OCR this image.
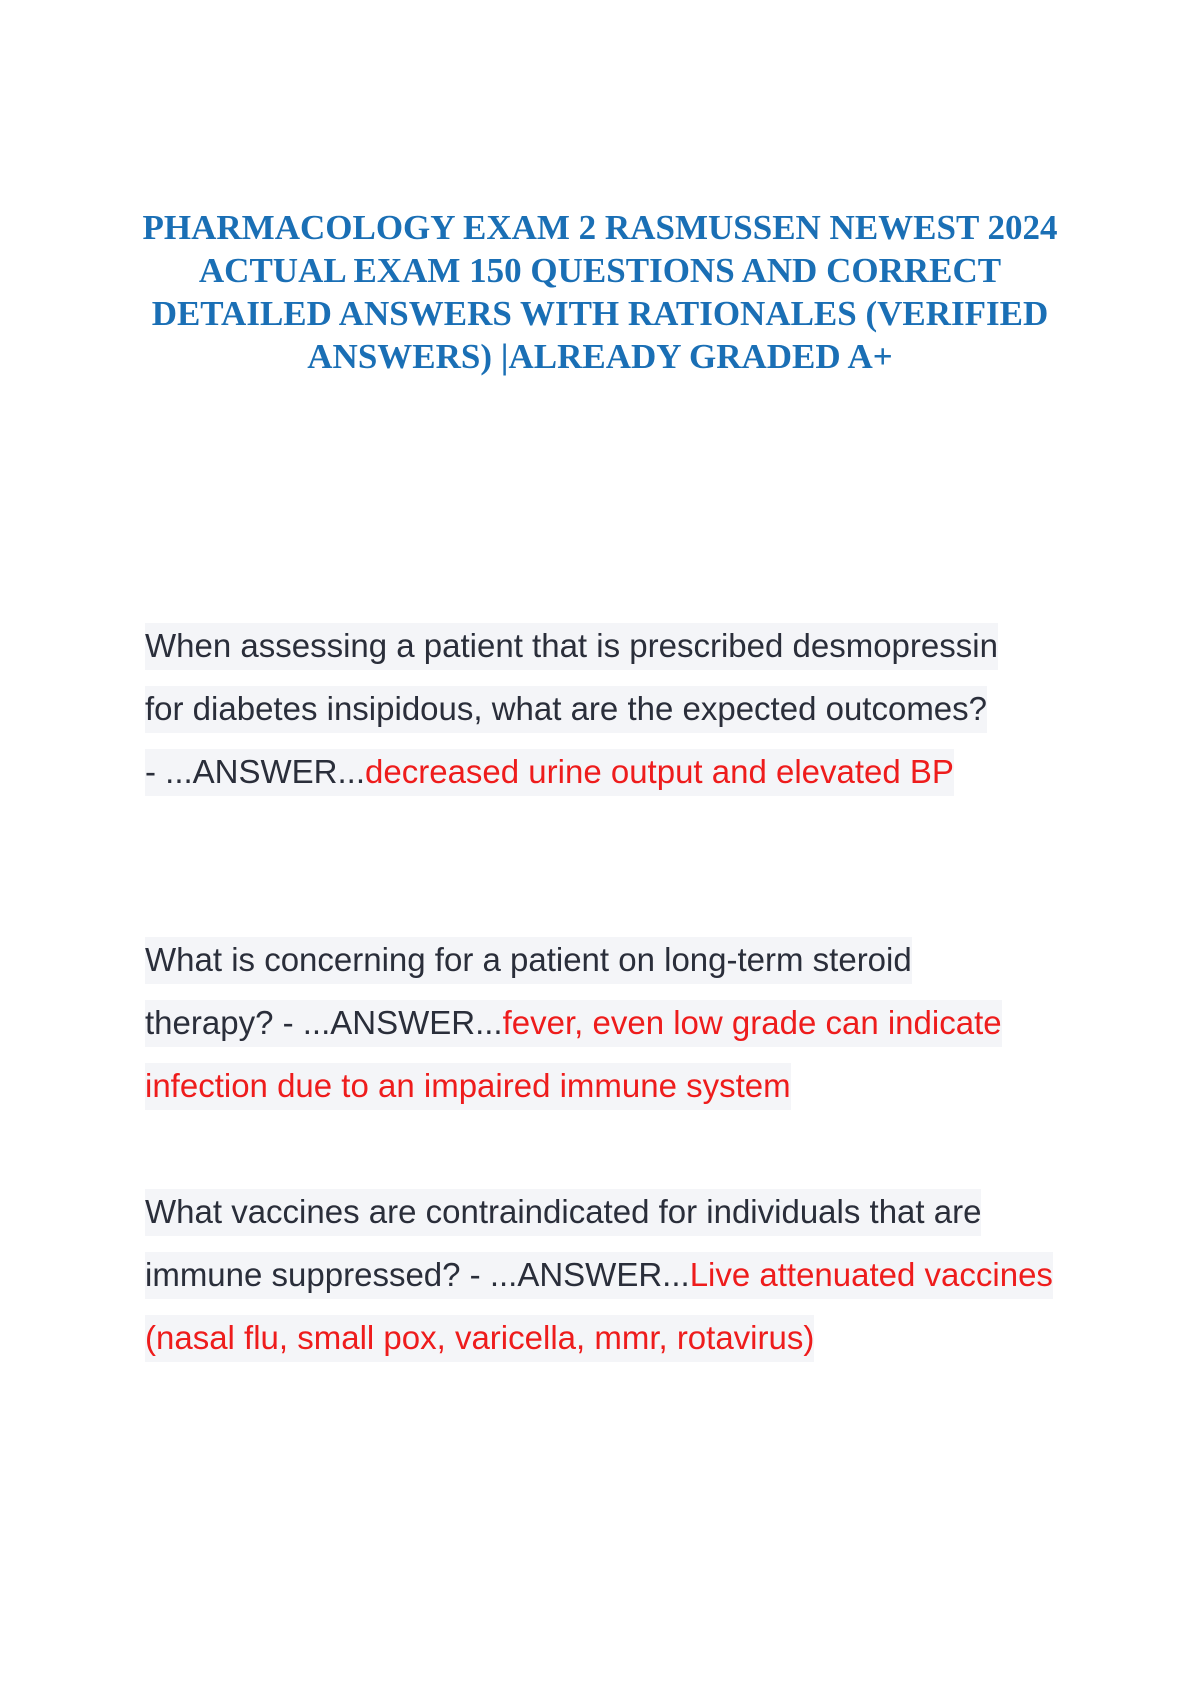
PHARMACOLOGY EXAM 2 RASMUSSEN NEWEST 2024 ACTUAL EXAM 150 QUESTIONS AND CORRECT DETAILED ANSWERS WITH RATIONALES (VERIFIED ANSWERS) |ALREADY GRADED A+

When assessing a patient that is prescribed desmopressin for diabetes insipidous, what are the expected outcomes? - ...ANSWER...decreased urine output and elevated BP

What is concerning for a patient on long-term steroid therapy? - ...ANSWER...fever, even low grade can indicate infection due to an impaired immune system

What vaccines are contraindicated for individuals that are immune suppressed? - ...ANSWER...Live attenuated vaccines (nasal flu, small pox, varicella, mmr, rotavirus)
